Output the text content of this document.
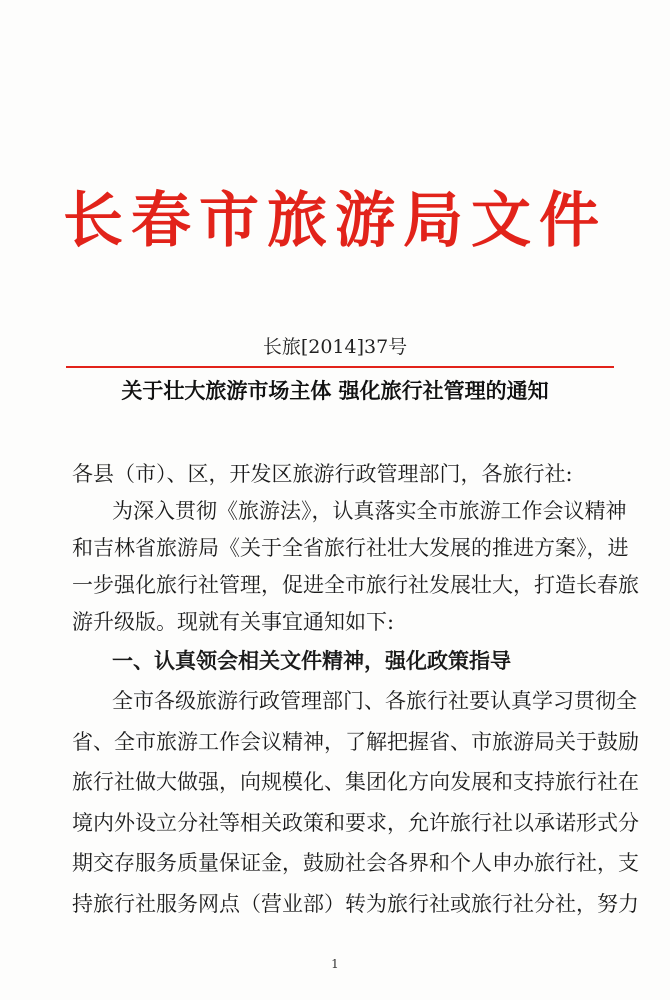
长春市旅游局文件
长旅[2014]37号
关于壮大旅游市场主体 强化旅行社管理的通知
各县（市）、区，开发区旅游行政管理部门，各旅行社:
为深入贯彻《旅游法》，认真落实全市旅游工作会议精神
和吉林省旅游局《关于全省旅行社壮大发展的推进方案》，进
一步强化旅行社管理，促进全市旅行社发展壮大，打造长春旅
游升级版。现就有关事宜通知如下:
一、认真领会相关文件精神，强化政策指导
全市各级旅游行政管理部门、各旅行社要认真学习贯彻全
省、全市旅游工作会议精神，了解把握省、市旅游局关于鼓励
旅行社做大做强，向规模化、集团化方向发展和支持旅行社在
境内外设立分社等相关政策和要求，允许旅行社以承诺形式分
期交存服务质量保证金，鼓励社会各界和个人申办旅行社，支
持旅行社服务网点（营业部）转为旅行社或旅行社分社，努力
1
